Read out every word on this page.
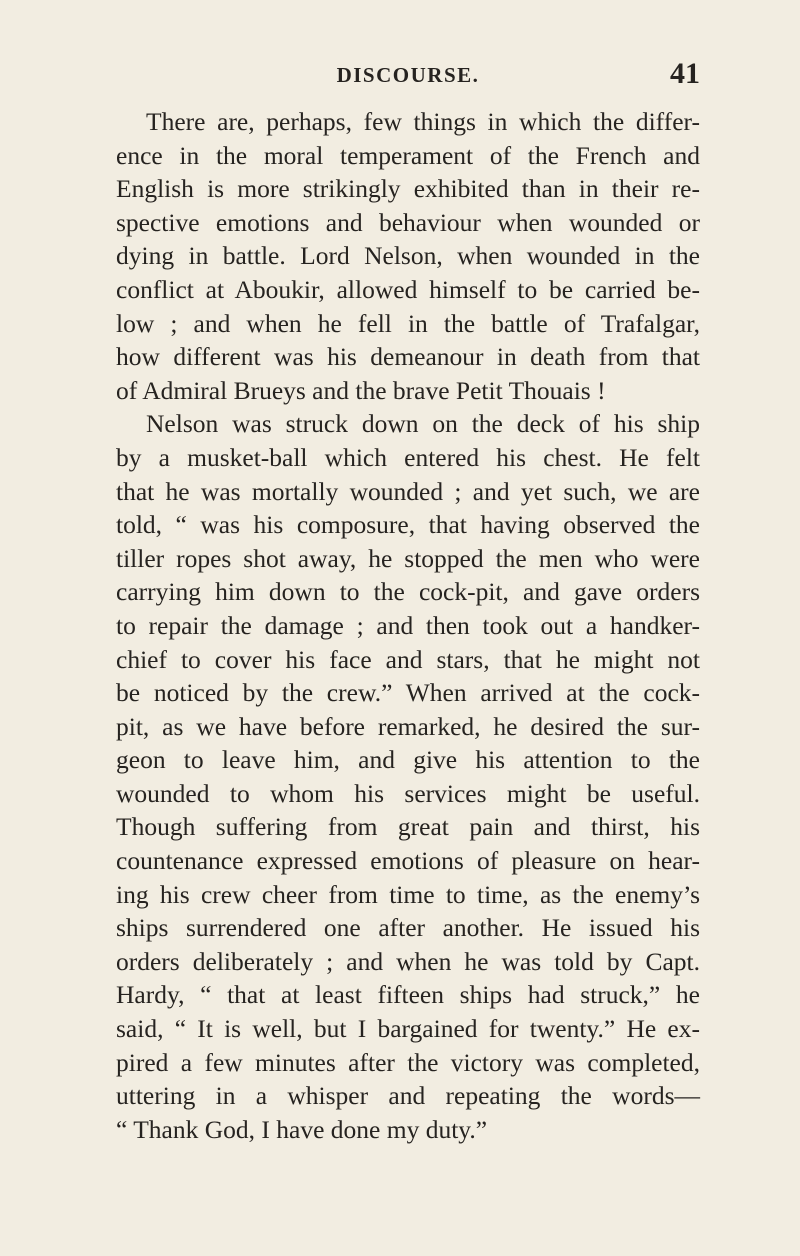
DISCOURSE.	41
There are, perhaps, few things in which the differ-
ence in the moral temperament of the French and
English is more strikingly exhibited than in their re-
spective emotions and behaviour when wounded or
dying in battle. Lord Nelson, when wounded in the
conflict at Aboukir, allowed himself to be carried be-
low ; and when he fell in the battle of Trafalgar,
how different was his demeanour in death from that
of Admiral Brueys and the brave Petit Thouais !
Nelson was struck down on the deck of his ship
by a musket-ball which entered his chest. He felt
that he was mortally wounded ; and yet such, we are
told, “ was his composure, that having observed the
tiller ropes shot away, he stopped the men who were
carrying him down to the cock-pit, and gave orders
to repair the damage ; and then took out a handker-
chief to cover his face and stars, that he might not
be noticed by the crew.” When arrived at the cock-
pit, as we have before remarked, he desired the sur-
geon to leave him, and give his attention to the
wounded to whom his services might be useful.
Though suffering from great pain and thirst, his
countenance expressed emotions of pleasure on hear-
ing his crew cheer from time to time, as the enemy’s
ships surrendered one after another. He issued his
orders deliberately ; and when he was told by Capt.
Hardy, “ that at least fifteen ships had struck,” he
said, “ It is well, but I bargained for twenty.” He ex-
pired a few minutes after the victory was completed,
uttering in a whisper and repeating the words—
“ Thank God, I have done my duty.”
